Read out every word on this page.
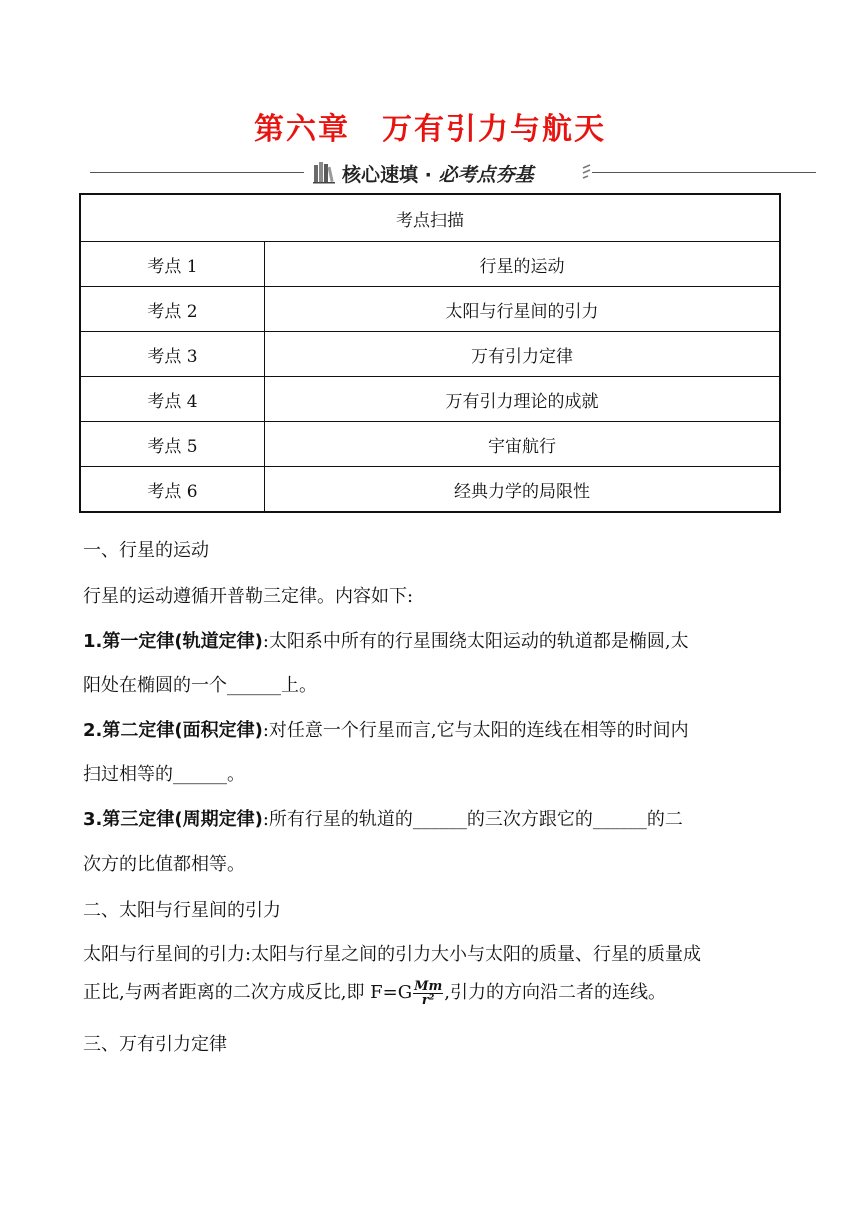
第六章　万有引力与航天
核心速填 · 必考点夯基
考点扫描	
考点 1	行星的运动
考点 2	太阳与行星间的引力
考点 3	万有引力定律
考点 4	万有引力理论的成就
考点 5	宇宙航行
考点 6	经典力学的局限性
一、行星的运动
行星的运动遵循开普勒三定律。内容如下:
1.第一定律(轨道定律):太阳系中所有的行星围绕太阳运动的轨道都是椭圆,太
阳处在椭圆的一个______上。
2.第二定律(面积定律):对任意一个行星而言,它与太阳的连线在相等的时间内
扫过相等的______。
3.第三定律(周期定律):所有行星的轨道的______的三次方跟它的______的二
次方的比值都相等。
二、太阳与行星间的引力
太阳与行星间的引力:太阳与行星之间的引力大小与太阳的质量、行星的质量成
正比,与两者距离的二次方成反比,即 $F=G \frac{Mm}{\text{r²}}$ ,引力的方向沿二者的连线。
三、万有引力定律
